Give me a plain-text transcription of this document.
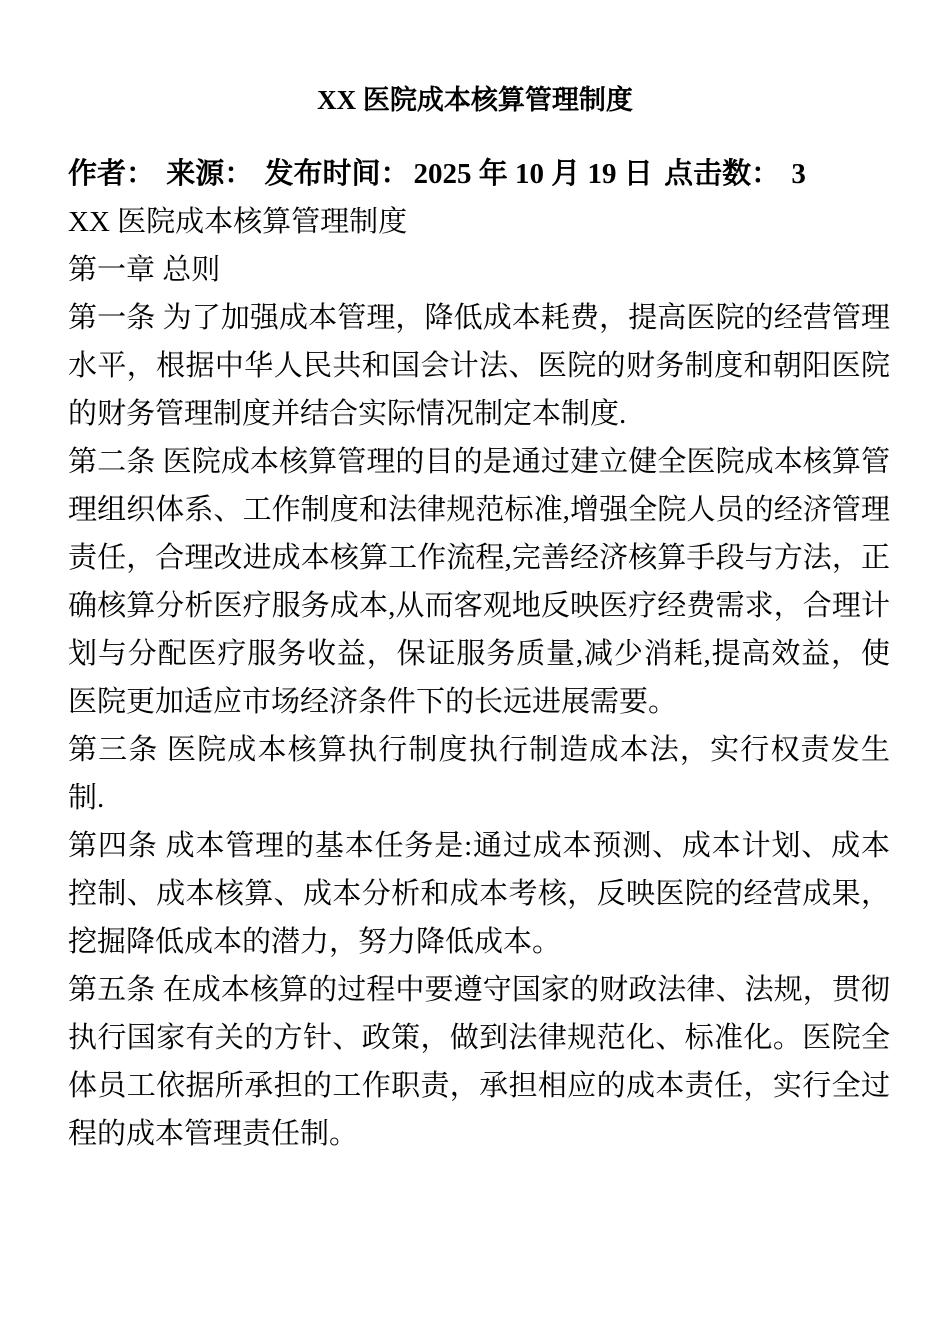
XX 医院成本核算管理制度

作者： 来源： 发布时间： 2025 年 10 月 19 日 点击数： 3

XX 医院成本核算管理制度

第一章 总则

第一条 为了加强成本管理，降低成本耗费，提高医院的经营管理水平，根据中华人民共和国会计法、医院的财务制度和朝阳医院的财务管理制度并结合实际情况制定本制度.

第二条 医院成本核算管理的目的是通过建立健全医院成本核算管理组织体系、工作制度和法律规范标准,增强全院人员的经济管理责任，合理改进成本核算工作流程,完善经济核算手段与方法，正确核算分析医疗服务成本,从而客观地反映医疗经费需求，合理计划与分配医疗服务收益，保证服务质量,减少消耗,提高效益，使医院更加适应市场经济条件下的长远进展需要。

第三条 医院成本核算执行制度执行制造成本法，实行权责发生制.

第四条 成本管理的基本任务是:通过成本预测、成本计划、成本控制、成本核算、成本分析和成本考核，反映医院的经营成果，挖掘降低成本的潜力，努力降低成本。

第五条 在成本核算的过程中要遵守国家的财政法律、法规，贯彻执行国家有关的方针、政策，做到法律规范化、标准化。医院全体员工依据所承担的工作职责，承担相应的成本责任，实行全过程的成本管理责任制。
